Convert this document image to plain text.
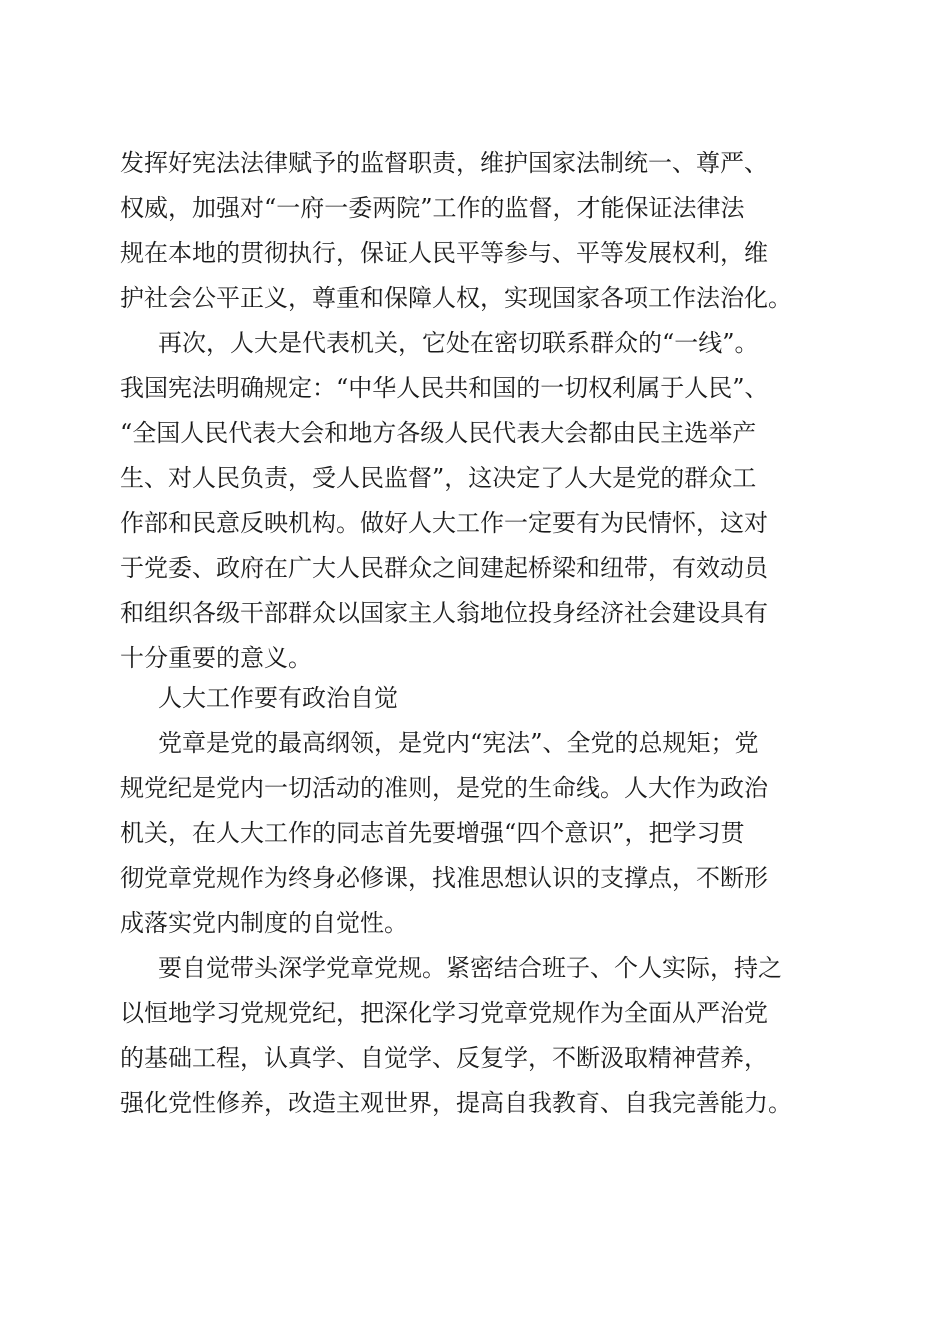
发挥好宪法法律赋予的监督职责，维护国家法制统一、尊严、
权威，加强对“一府一委两院”工作的监督，才能保证法律法
规在本地的贯彻执行，保证人民平等参与、平等发展权利，维
护社会公平正义，尊重和保障人权，实现国家各项工作法治化。
再次，人大是代表机关，它处在密切联系群众的“一线”。
我国宪法明确规定：“中华人民共和国的一切权利属于人民”、
“全国人民代表大会和地方各级人民代表大会都由民主选举产
生、对人民负责，受人民监督”，这决定了人大是党的群众工
作部和民意反映机构。做好人大工作一定要有为民情怀，这对
于党委、政府在广大人民群众之间建起桥梁和纽带，有效动员
和组织各级干部群众以国家主人翁地位投身经济社会建设具有
十分重要的意义。
人大工作要有政治自觉
党章是党的最高纲领，是党内“宪法”、全党的总规矩；党
规党纪是党内一切活动的准则，是党的生命线。人大作为政治
机关，在人大工作的同志首先要增强“四个意识”，把学习贯
彻党章党规作为终身必修课，找准思想认识的支撑点，不断形
成落实党内制度的自觉性。
要自觉带头深学党章党规。紧密结合班子、个人实际，持之
以恒地学习党规党纪，把深化学习党章党规作为全面从严治党
的基础工程，认真学、自觉学、反复学，不断汲取精神营养，
强化党性修养，改造主观世界，提高自我教育、自我完善能力。
